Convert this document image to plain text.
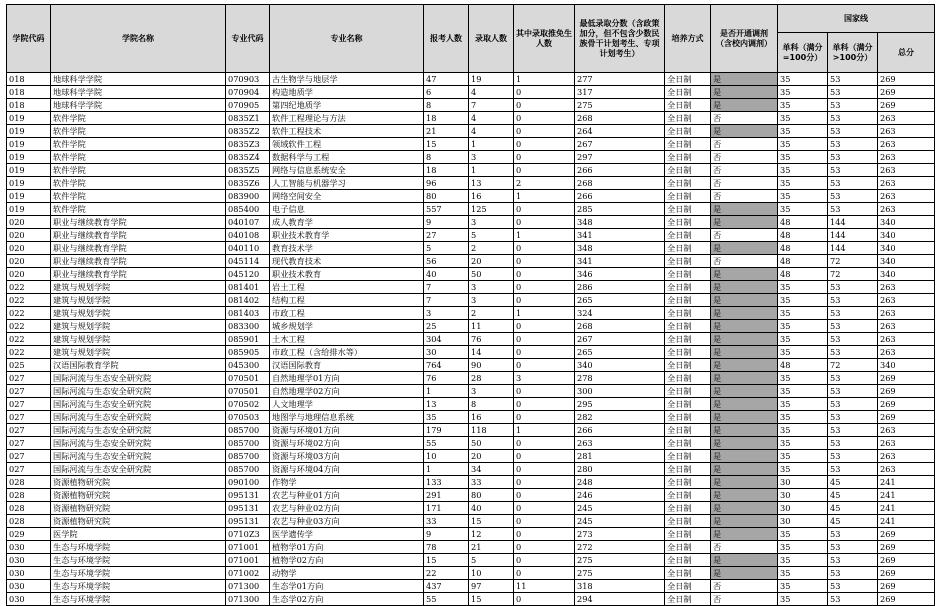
学院代码	学院名称	专业代码	专业名称	报考人数	录取人数	其中录取推免生人数	最低录取分数（含政策加分，但不包含少数民族骨干计划考生、专项计划考生）	培养方式	是否开通调剂（含校内调剂）	国家线		
										单科（满分=100分）	单科（满分>100分）	总分
018	地球科学学院	070903	古生物学与地层学	47	19	1	277	全日制	是	35	53	269
018	地球科学学院	070904	构造地质学	6	4	0	317	全日制	是	35	53	269
018	地球科学学院	070905	第四纪地质学	8	7	0	275	全日制	是	35	53	269
019	软件学院	0835Z1	软件工程理论与方法	18	4	0	268	全日制	否	35	53	263
019	软件学院	0835Z2	软件工程技术	21	4	0	264	全日制	是	35	53	263
019	软件学院	0835Z3	领域软件工程	15	1	0	267	全日制	否	35	53	263
019	软件学院	0835Z4	数据科学与工程	8	3	0	297	全日制	否	35	53	263
019	软件学院	0835Z5	网络与信息系统安全	18	1	0	266	全日制	否	35	53	263
019	软件学院	0835Z6	人工智能与机器学习	96	13	2	268	全日制	否	35	53	263
019	软件学院	083900	网络空间安全	80	16	1	266	全日制	否	35	53	263
019	软件学院	085400	电子信息	557	125	0	285	全日制	是	35	53	263
020	职业与继续教育学院	040107	成人教育学	9	3	0	348	全日制	是	48	144	340
020	职业与继续教育学院	040108	职业技术教育学	27	5	1	341	全日制	否	48	144	340
020	职业与继续教育学院	040110	教育技术学	5	2	0	348	全日制	是	48	144	340
020	职业与继续教育学院	045114	现代教育技术	56	20	0	341	全日制	否	48	72	340
020	职业与继续教育学院	045120	职业技术教育	40	50	0	346	全日制	是	48	72	340
022	建筑与规划学院	081401	岩土工程	7	3	0	286	全日制	是	35	53	263
022	建筑与规划学院	081402	结构工程	7	3	0	265	全日制	是	35	53	263
022	建筑与规划学院	081403	市政工程	3	2	1	324	全日制	是	35	53	263
022	建筑与规划学院	083300	城乡规划学	25	11	0	268	全日制	是	35	53	263
022	建筑与规划学院	085901	土木工程	304	76	0	267	全日制	是	35	53	263
022	建筑与规划学院	085905	市政工程（含给排水等）	30	14	0	265	全日制	是	35	53	263
025	汉语国际教育学院	045300	汉语国际教育	764	90	0	340	全日制	是	48	72	340
027	国际河流与生态安全研究院	070501	自然地理学01方向	76	28	3	278	全日制	是	35	53	269
027	国际河流与生态安全研究院	070501	自然地理学02方向	1	3	0	300	全日制	是	35	53	269
027	国际河流与生态安全研究院	070502	人文地理学	13	8	0	295	全日制	是	35	53	269
027	国际河流与生态安全研究院	070503	地图学与地理信息系统	35	16	0	282	全日制	是	35	53	269
027	国际河流与生态安全研究院	085700	资源与环境01方向	179	118	1	266	全日制	是	35	53	263
027	国际河流与生态安全研究院	085700	资源与环境02方向	55	50	0	263	全日制	是	35	53	263
027	国际河流与生态安全研究院	085700	资源与环境03方向	10	20	0	281	全日制	是	35	53	263
027	国际河流与生态安全研究院	085700	资源与环境04方向	1	34	0	280	全日制	是	35	53	263
028	资源植物研究院	090100	作物学	133	33	0	248	全日制	是	30	45	241
028	资源植物研究院	095131	农艺与种业01方向	291	80	0	246	全日制	是	30	45	241
028	资源植物研究院	095131	农艺与种业02方向	171	40	0	245	全日制	是	30	45	241
028	资源植物研究院	095131	农艺与种业03方向	33	15	0	245	全日制	是	30	45	241
029	医学院	0710Z3	医学遗传学	9	12	0	273	全日制	是	35	53	269
030	生态与环境学院	071001	植物学01方向	78	21	0	272	全日制	否	35	53	269
030	生态与环境学院	071001	植物学02方向	15	5	0	275	全日制	是	35	53	269
030	生态与环境学院	071002	动物学	22	10	0	275	全日制	是	35	53	269
030	生态与环境学院	071300	生态学01方向	437	97	11	318	全日制	否	35	53	269
030	生态与环境学院	071300	生态学02方向	55	15	0	294	全日制	否	35	53	269
